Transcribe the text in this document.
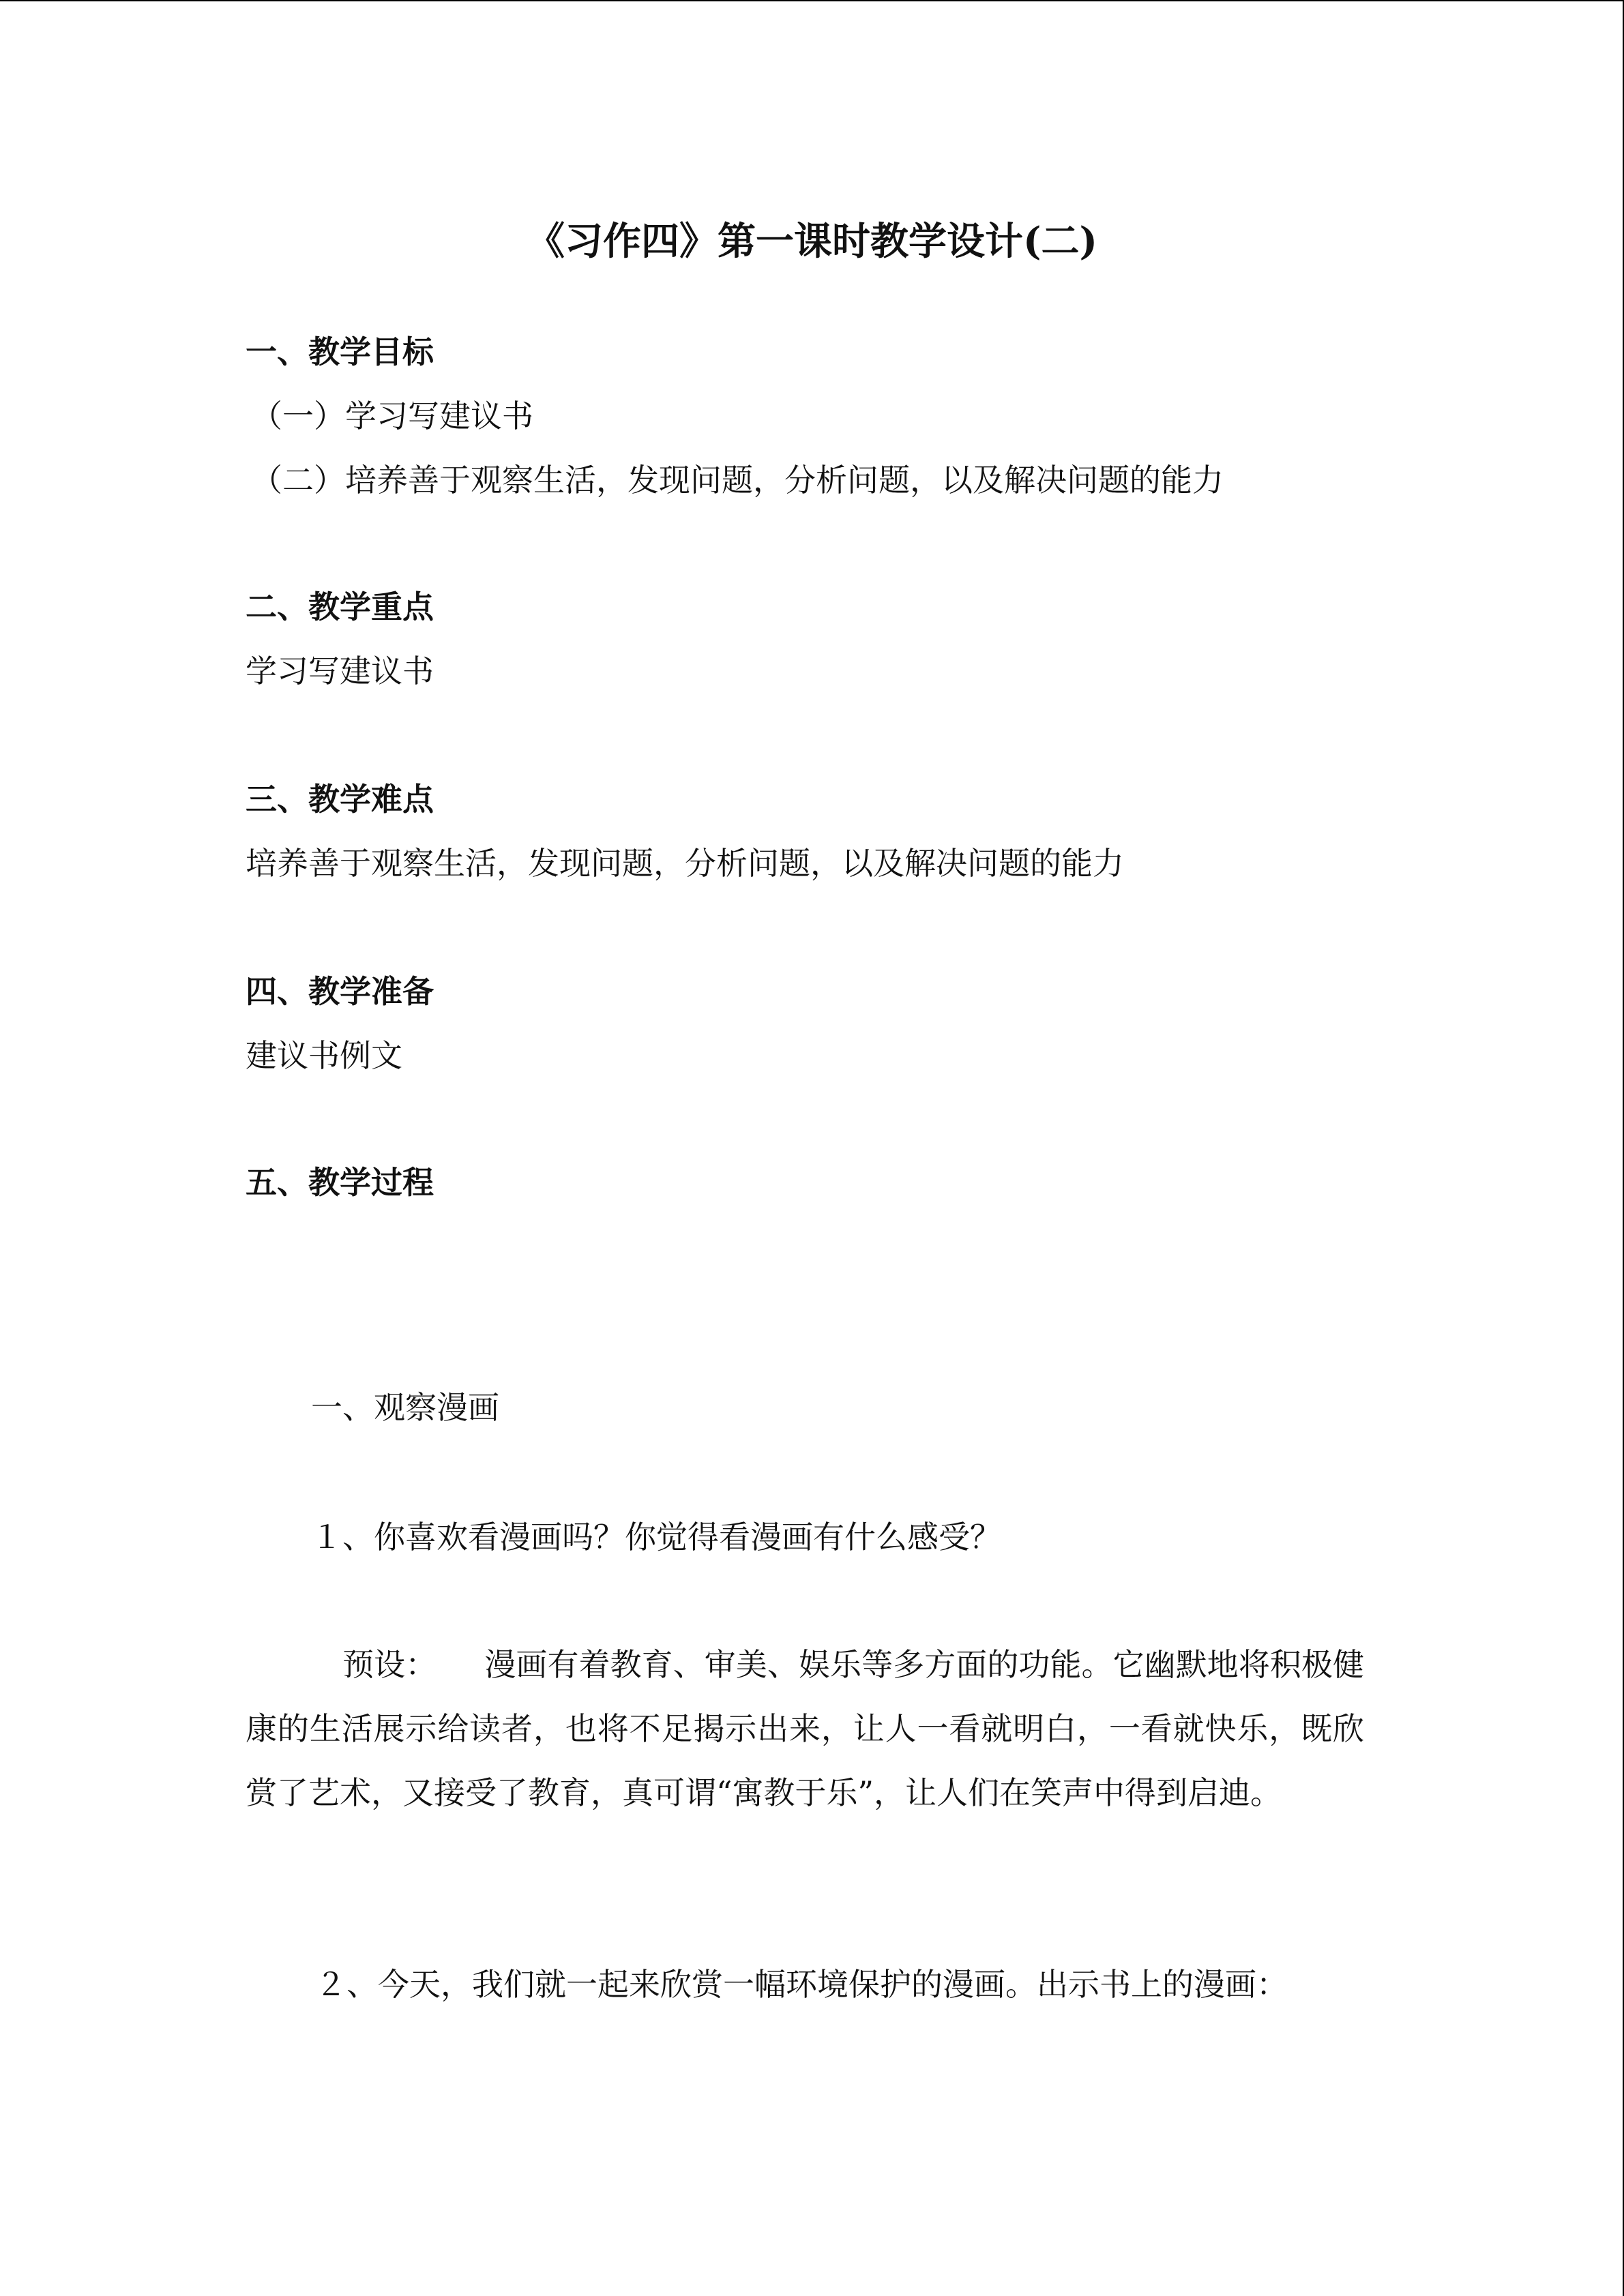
《习作四》第一课时教学设计(二)
一、教学目标
（一）学习写建议书
（二）培养善于观察生活，发现问题，分析问题，以及解决问题的能力
二、教学重点
学习写建议书
三、教学难点
培养善于观察生活，发现问题，分析问题，以及解决问题的能力
四、教学准备
建议书例文
五、教学过程
一、观察漫画
１、你喜欢看漫画吗？你觉得看漫画有什么感受？
预设： 漫画有着教育、审美、娱乐等多方面的功能。它幽默地将积极健康的生活展示给读者，也将不足揭示出来，让人一看就明白，一看就快乐，既欣赏了艺术，又接受了教育，真可谓“寓教于乐”，让人们在笑声中得到启迪。
２、今天，我们就一起来欣赏一幅环境保护的漫画。出示书上的漫画：
